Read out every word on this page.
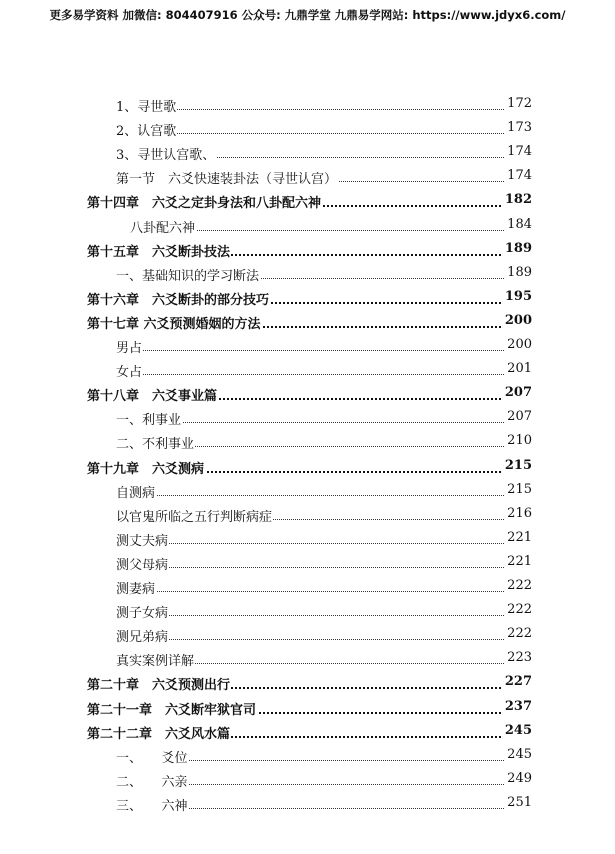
更多易学资料 加微信: 804407916 公众号: 九鼎学堂 九鼎易学网站: https://www.jdyx6.com/
1、寻世歌	172
2、认宫歌	173
3、寻世认宫歌、	174
第一节　六爻快速装卦法（寻世认宫）	174
第十四章　六爻之定卦身法和八卦配六神	182
八卦配六神	184
第十五章　六爻断卦技法	189
一、基础知识的学习断法	189
第十六章　六爻断卦的部分技巧	195
第十七章 六爻预测婚姻的方法	200
男占	200
女占	201
第十八章　六爻事业篇	207
一、利事业	207
二、不利事业	210
第十九章　六爻测病	215
自测病	215
以官鬼所临之五行判断病症	216
测丈夫病	221
测父母病	221
测妻病	222
测子女病	222
测兄弟病	222
真实案例详解	223
第二十章　六爻预测出行	227
第二十一章　六爻断牢狱官司	237
第二十二章　六爻风水篇	245
一、　　爻位	245
二、　　六亲	249
三、　　六神	251
